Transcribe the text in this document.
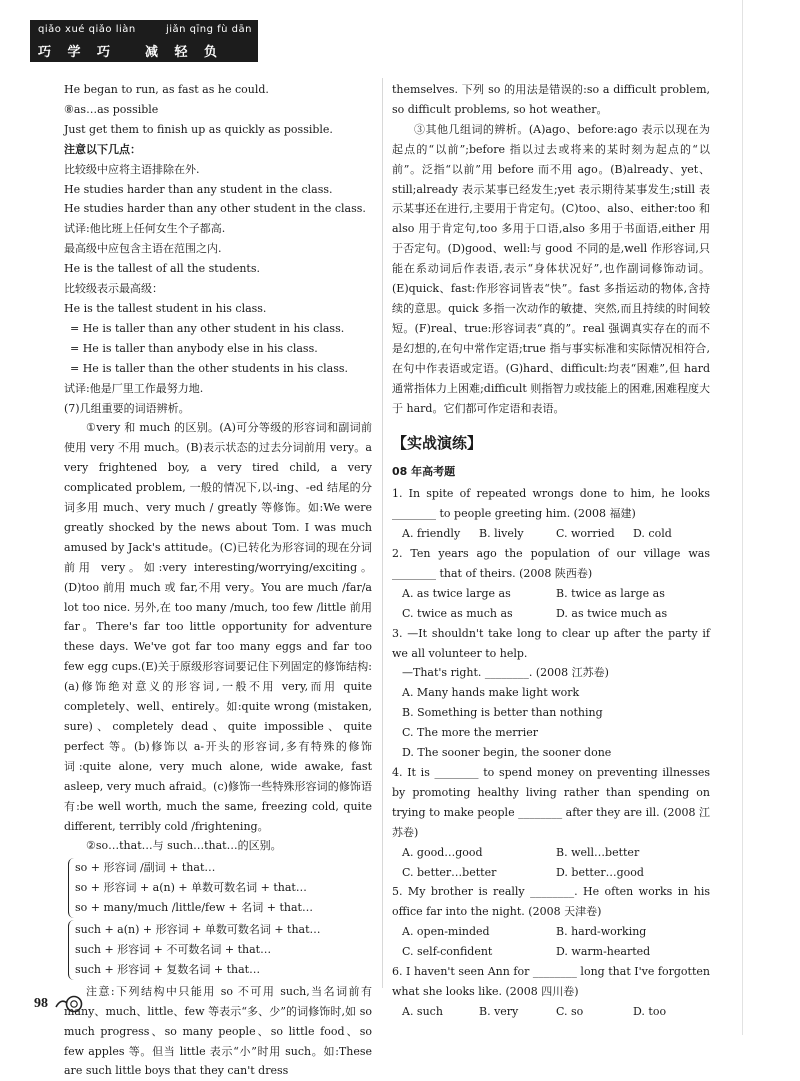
qiǎo xué qiǎo liàn	jiǎn qīng fù dān
巧 学 巧 练
减 轻 负 担

He began to run, as fast as he could.

⑧as…as possible

Just get them to finish up as quickly as possible.

注意以下几点：

比较级中应将主语排除在外.

He studies harder than any student in the class.

He studies harder than any other student in the class.

试译:他比班上任何女生个子都高.

最高级中应包含主语在范围之内.

He is the tallest of all the students.

比较级表示最高级：

He is the tallest student in his class.

= He is taller than any other student in his class.

= He is taller than anybody else in his class.

= He is taller than the other students in his class.

试译:他是厂里工作最努力地.

(7)几组重要的词语辨析。

①very 和 much 的区别。(A)可分等级的形容词和副词前使用 very 不用 much。(B)表示状态的过去分词前用 very。a very frightened boy, a very tired child, a very complicated problem, 一般的情况下,以-ing、-ed 结尾的分词多用 much、very much / greatly 等修饰。如:We were greatly shocked by the news about Tom. I was much amused by Jack's attitude。(C)已转化为形容词的现在分词前用 very。如:very interesting/worrying/exciting。(D)too 前用 much 或 far,不用 very。You are much /far/a lot too nice. 另外,在 too many /much, too few /little 前用 far。There's far too little opportunity for adventure these days. We've got far too many eggs and far too few egg cups.(E)关于原级形容词要记住下列固定的修饰结构:(a)修饰绝对意义的形容词,一般不用 very,而用 quite completely、well、entirely。如:quite wrong (mistaken, sure)、completely dead、quite impossible、quite perfect 等。(b)修饰以 a-开头的形容词,多有特殊的修饰词:quite alone, very much alone, wide awake, fast asleep, very much afraid。(c)修饰一些特殊形容词的修饰语有:be well worth, much the same, freezing cold, quite different, terribly cold /frightening。

②so…that…与 such…that…的区别。

so + 形容词 /副词 + that…

so + 形容词 + a(n) + 单数可数名词 + that…

so + many/much /little/few + 名词 + that…

such + a(n) + 形容词 + 单数可数名词 + that…

such + 形容词 + 不可数名词 + that…

such + 形容词 + 复数名词 + that…

注意:下列结构中只能用 so 不可用 such,当名词前有 many、much、little、few 等表示“多、少”的词修饰时,如 so much progress、so many people、so little food、so few apples 等。但当 little 表示“小”时用 such。如:These are such little boys that they can't dress

themselves. 下列 so 的用法是错误的:so a difficult problem, so difficult problems, so hot weather。

③其他几组词的辨析。(A)ago、before:ago 表示以现在为起点的“以前”;before 指以过去或将来的某时刻为起点的“以前”。泛指“以前”用 before 而不用 ago。(B)already、yet、still;already 表示某事已经发生;yet 表示期待某事发生;still 表示某事还在进行,主要用于肯定句。(C)too、also、either:too 和 also 用于肯定句,too 多用于口语,also 多用于书面语,either 用于否定句。(D)good、well:与 good 不同的是,well 作形容词,只能在系动词后作表语,表示“身体状况好”,也作副词修饰动词。(E)quick、fast:作形容词皆表“快”。fast 多指运动的物体,含持续的意思。quick 多指一次动作的敏捷、突然,而且持续的时间较短。(F)real、true:形容词表“真的”。real 强调真实存在的而不是幻想的,在句中常作定语;true 指与事实标准和实际情况相符合,在句中作表语或定语。(G)hard、difficult:均表“困难”,但 hard 通常指体力上困难;difficult 则指智力或技能上的困难,困难程度大于 hard。它们都可作定语和表语。

【实战演练】
08 年高考题

1. In spite of repeated wrongs done to him, he looks ________ to people greeting him. (2008 福建)

A. friendly	B. lively	C. worried	D. cold

2. Ten years ago the population of our village was ________ that of theirs. (2008 陕西卷)

A. as twice large as	B. twice as large as
C. twice as much as	D. as twice much as

3. —It shouldn't take long to clear up after the party if we all volunteer to help.

—That's right. ________. (2008 江苏卷)

A. Many hands make light work
B. Something is better than nothing
C. The more the merrier
D. The sooner begin, the sooner done

4. It is ________ to spend money on preventing illnesses by promoting healthy living rather than spending on trying to make people ________ after they are ill. (2008 江苏卷)

A. good…good	B. well…better
C. better…better	D. better…good

5. My brother is really ________. He often works in his office far into the night. (2008 天津卷)

A. open-minded	B. hard-working
C. self-confident	D. warm-hearted

6. I haven't seen Ann for ________ long that I've forgotten what she looks like. (2008 四川卷)

A. such	B. very	C. so	D. too
98
